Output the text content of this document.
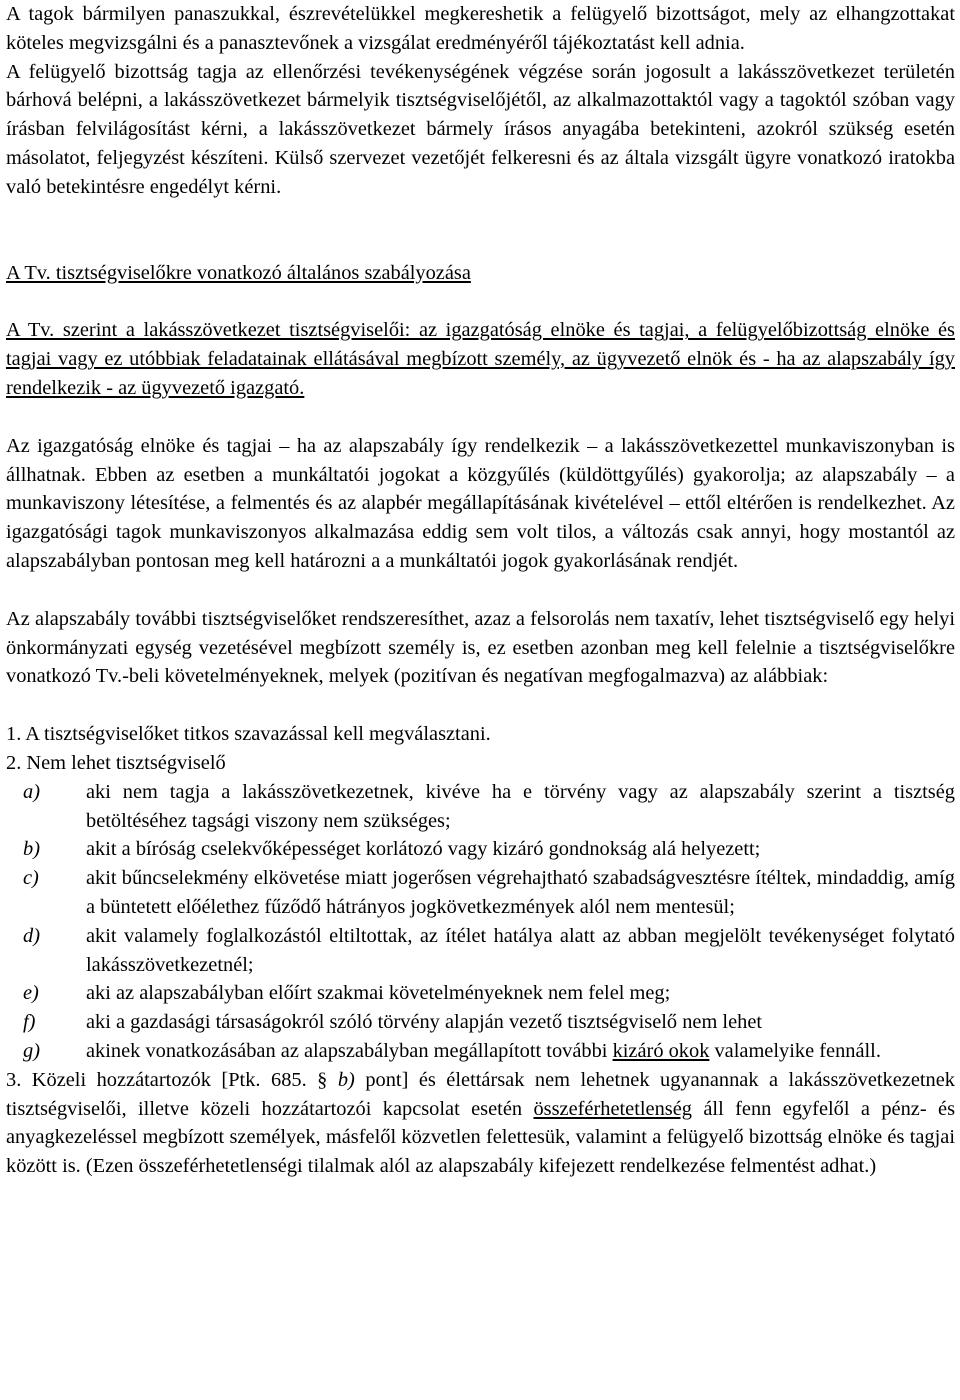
A tagok bármilyen panaszukkal, észrevételükkel megkereshetik a felügyelő bizottságot, mely az elhangzottakat köteles megvizsgálni és a panasztevőnek a vizsgálat eredményéről tájékoztatást kell adnia.

A felügyelő bizottság tagja az ellenőrzési tevékenységének végzése során jogosult a lakásszövetkezet területén bárhová belépni, a lakásszövetkezet bármelyik tisztségviselőjétől, az alkalmazottaktól vagy a tagoktól szóban vagy írásban felvilágosítást kérni, a lakásszövetkezet bármely írásos anyagába betekinteni, azokról szükség esetén másolatot, feljegyzést készíteni. Külső szervezet vezetőjét felkeresni és az általa vizsgált ügyre vonatkozó iratokba való betekintésre engedélyt kérni.

A Tv. tisztségviselőkre vonatkozó általános szabályozása

A Tv. szerint a lakásszövetkezet tisztségviselői: az igazgatóság elnöke és tagjai, a felügyelőbizottság elnöke és tagjai vagy ez utóbbiak feladatainak ellátásával megbízott személy, az ügyvezető elnök és - ha az alapszabály így rendelkezik - az ügyvezető igazgató.

Az igazgatóság elnöke és tagjai – ha az alapszabály így rendelkezik – a lakásszövetkezettel munkaviszonyban is állhatnak. Ebben az esetben a munkáltatói jogokat a közgyűlés (küldöttgyűlés) gyakorolja; az alapszabály – a munkaviszony létesítése, a felmentés és az alapbér megállapításának kivételével – ettől eltérően is rendelkezhet. Az igazgatósági tagok munkaviszonyos alkalmazása eddig sem volt tilos, a változás csak annyi, hogy mostantól az alapszabályban pontosan meg kell határozni a a munkáltatói jogok gyakorlásának rendjét.

Az alapszabály további tisztségviselőket rendszeresíthet, azaz a felsorolás nem taxatív, lehet tisztségviselő egy helyi önkormányzati egység vezetésével megbízott személy is, ez esetben azonban meg kell felelnie a tisztségviselőkre vonatkozó Tv.-beli követelményeknek, melyek (pozitívan és negatívan megfogalmazva) az alábbiak:

1. A tisztségviselőket titkos szavazással kell megválasztani.

2. Nem lehet tisztségviselő

a)	aki nem tagja a lakásszövetkezetnek, kivéve ha e törvény vagy az alapszabály szerint a tisztség betöltéséhez tagsági viszony nem szükséges;
b)	akit a bíróság cselekvőképességet korlátozó vagy kizáró gondnokság alá helyezett;
c)	akit bűncselekmény elkövetése miatt jogerősen végrehajtható szabadságvesztésre ítéltek, mindaddig, amíg a büntetett előélethez fűződő hátrányos jogkövetkezmények alól nem mentesül;
d)	akit valamely foglalkozástól eltiltottak, az ítélet hatálya alatt az abban megjelölt tevékenységet folytató lakásszövetkezetnél;
e)	aki az alapszabályban előírt szakmai követelményeknek nem felel meg;
f)	aki a gazdasági társaságokról szóló törvény alapján vezető tisztségviselő nem lehet
g)	akinek vonatkozásában az alapszabályban megállapított további kizáró okok valamelyike fennáll.

3. Közeli hozzátartozók [Ptk. 685. § b) pont] és élettársak nem lehetnek ugyanannak a lakásszövetkezetnek tisztségviselői, illetve közeli hozzátartozói kapcsolat esetén összeférhetetlenség áll fenn egyfelől a pénz- és anyagkezeléssel megbízott személyek, másfelől közvetlen felettesük, valamint a felügyelő bizottság elnöke és tagjai között is. (Ezen összeférhetetlenségi tilalmak alól az alapszabály kifejezett rendelkezése felmentést adhat.)
